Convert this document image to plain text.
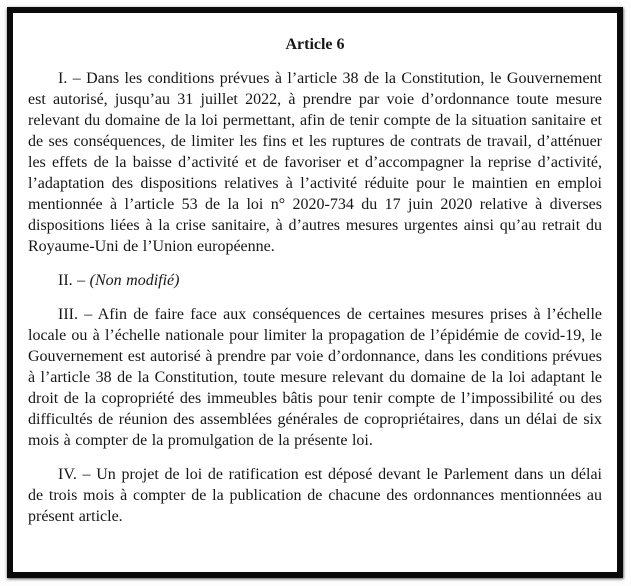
Article 6

I. – Dans les conditions prévues à l’article 38 de la Constitution, le Gouvernement est autorisé, jusqu’au 31 juillet 2022, à prendre par voie d’ordonnance toute mesure relevant du domaine de la loi permettant, afin de tenir compte de la situation sanitaire et de ses conséquences, de limiter les fins et les ruptures de contrats de travail, d’atténuer les effets de la baisse d’activité et de favoriser et d’accompagner la reprise d’activité, l’adaptation des dispositions relatives à l’activité réduite pour le maintien en emploi mentionnée à l’article 53 de la loi n° 2020-734 du 17 juin 2020 relative à diverses dispositions liées à la crise sanitaire, à d’autres mesures urgentes ainsi qu’au retrait du Royaume-Uni de l’Union européenne.

II. – (Non modifié)

III. – Afin de faire face aux conséquences de certaines mesures prises à l’échelle locale ou à l’échelle nationale pour limiter la propagation de l’épidémie de covid-19, le Gouvernement est autorisé à prendre par voie d’ordonnance, dans les conditions prévues à l’article 38 de la Constitution, toute mesure relevant du domaine de la loi adaptant le droit de la copropriété des immeubles bâtis pour tenir compte de l’impossibilité ou des difficultés de réunion des assemblées générales de copropriétaires, dans un délai de six mois à compter de la promulgation de la présente loi.

IV. – Un projet de loi de ratification est déposé devant le Parlement dans un délai de trois mois à compter de la publication de chacune des ordonnances mentionnées au présent article.
